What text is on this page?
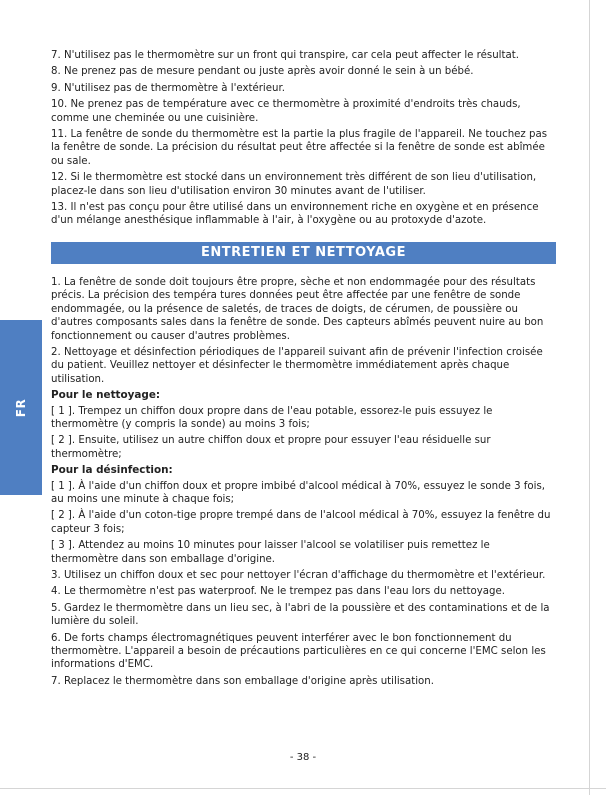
FR

7. N'utilisez pas le thermomètre sur un front qui transpire, car cela peut affecter le résultat.

8. Ne prenez pas de mesure pendant ou juste après avoir donné le sein à un bébé.

9. N'utilisez pas de thermomètre à l'extérieur.

10. Ne prenez pas de température avec ce thermomètre à proximité d'endroits très chauds, comme une cheminée ou une cuisinière.

11. La fenêtre de sonde du thermomètre est la partie la plus fragile de l'appareil. Ne touchez pas la fenêtre de sonde. La précision du résultat peut être affectée si la fenêtre de sonde est abîmée ou sale.

12. Si le thermomètre est stocké dans un environnement très différent de son lieu d'utilisation, placez-le dans son lieu d'utilisation environ 30 minutes avant de l'utiliser.

13. Il n'est pas conçu pour être utilisé dans un environnement riche en oxygène et en présence d'un mélange anesthésique inflammable à l'air, à l'oxygène ou au protoxyde d'azote.

ENTRETIEN ET NETTOYAGE

1. La fenêtre de sonde doit toujours être propre, sèche et non endommagée pour des résultats précis. La précision des tempéra tures données peut être affectée par une fenêtre de sonde endommagée, ou la présence de saletés, de traces de doigts, de cérumen, de poussière ou d'autres composants sales dans la fenêtre de sonde. Des capteurs abîmés peuvent nuire au bon fonctionnement ou causer d'autres problèmes.

2. Nettoyage et désinfection périodiques de l'appareil suivant afin de prévenir l'infection croisée du patient. Veuillez nettoyer et désinfecter le thermomètre immédiatement après chaque utilisation.

Pour le nettoyage:

[ 1 ]. Trempez un chiffon doux propre dans de l'eau potable, essorez-le puis essuyez le thermomètre (y compris la sonde) au moins 3 fois;

[ 2 ]. Ensuite, utilisez un autre chiffon doux et propre pour essuyer l'eau résiduelle sur thermomètre;

Pour la désinfection:

[ 1 ]. À l'aide d'un chiffon doux et propre imbibé d'alcool médical à 70%, essuyez le sonde 3 fois, au moins une minute à chaque fois;

[ 2 ]. À l'aide d'un coton-tige propre trempé dans de l'alcool médical à 70%, essuyez la fenêtre du capteur 3 fois;

[ 3 ]. Attendez au moins 10 minutes pour laisser l'alcool se volatiliser puis remettez le thermomètre dans son emballage d'origine.

3. Utilisez un chiffon doux et sec pour nettoyer l'écran d'affichage du thermomètre et l'extérieur.

4. Le thermomètre n'est pas waterproof. Ne le trempez pas dans l'eau lors du nettoyage.

5. Gardez le thermomètre dans un lieu sec, à l'abri de la poussière et des contaminations et de la lumière du soleil.

6. De forts champs électromagnétiques peuvent interférer avec le bon fonctionnement du thermomètre. L'appareil a besoin de précautions particulières en ce qui concerne l'EMC selon les informations d'EMC.

7. Replacez le thermomètre dans son emballage d'origine après utilisation.

- 38 -
